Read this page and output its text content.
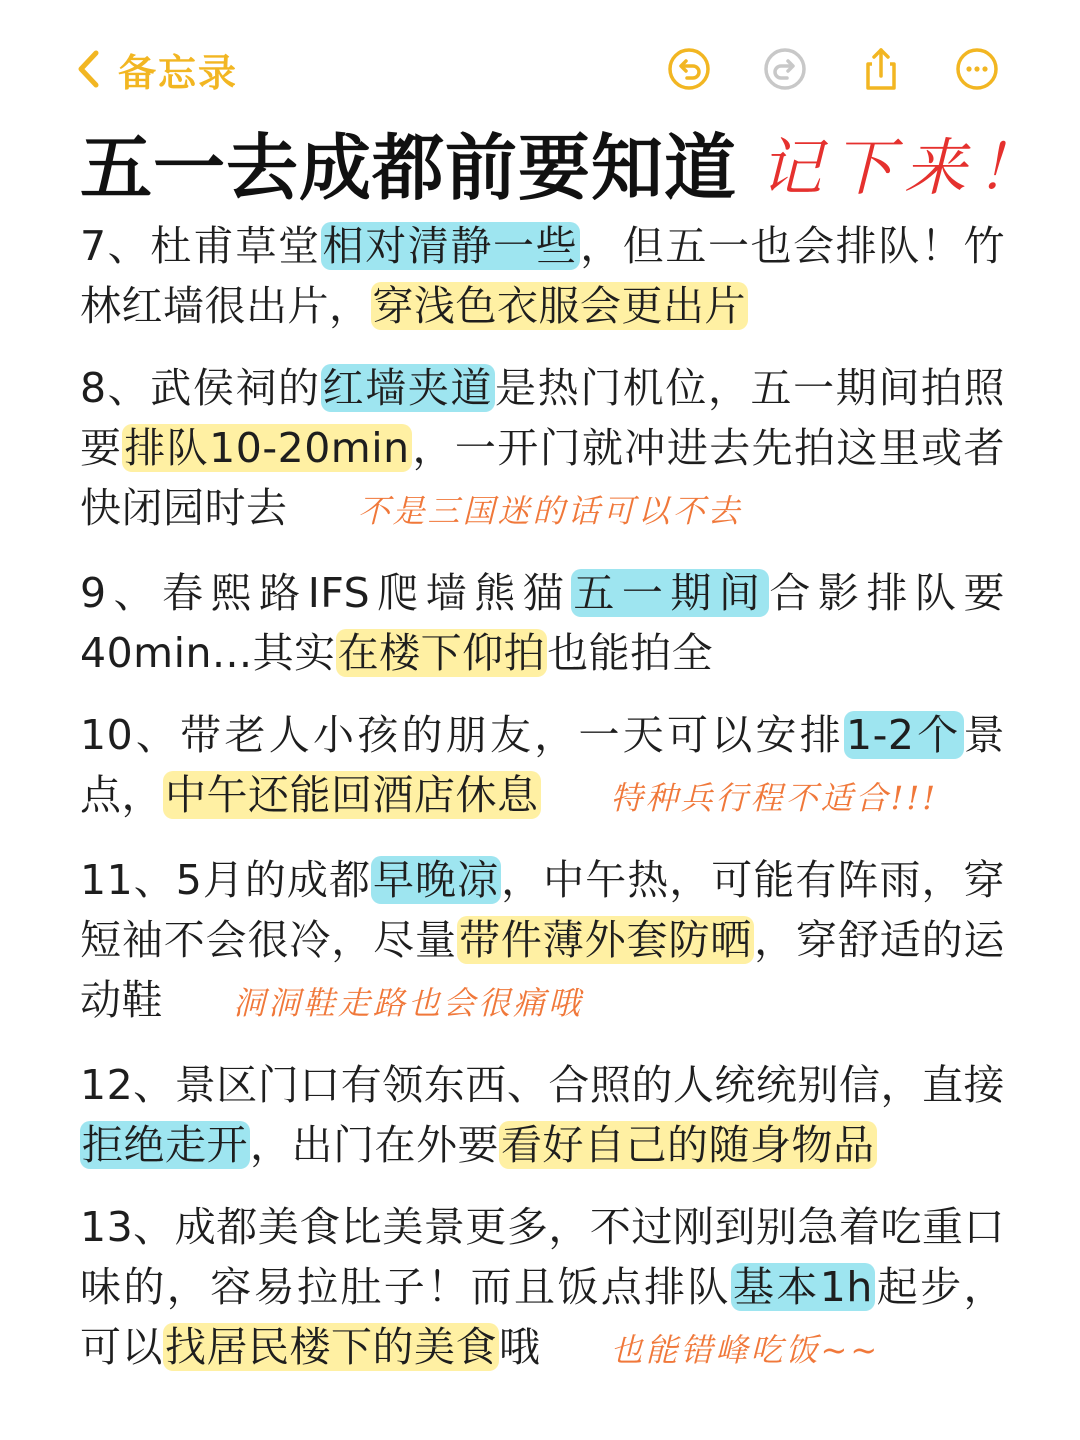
备忘录
五一去成都前要知道 记下来！
7、杜甫草堂相对清静一些，但五一也会排队！竹林红墙很出片，穿浅色衣服会更出片
8、武侯祠的红墙夹道是热门机位，五一期间拍照要排队10-20min，一开门就冲进去先拍这里或者快闭园时去 不是三国迷的话可以不去
9、春熙路IFS爬墙熊猫五一期间合影排队要40min...其实在楼下仰拍也能拍全
10、带老人小孩的朋友，一天可以安排1-2个景点，中午还能回酒店休息 特种兵行程不适合!!!
11、5月的成都早晚凉，中午热，可能有阵雨，穿短袖不会很冷，尽量带件薄外套防晒，穿舒适的运动鞋 洞洞鞋走路也会很痛哦
12、景区门口有领东西、合照的人统统别信，直接拒绝走开，出门在外要看好自己的随身物品
13、成都美食比美景更多，不过刚到别急着吃重口味的，容易拉肚子！而且饭点排队基本1h起步，可以找居民楼下的美食哦 也能错峰吃饭~~
